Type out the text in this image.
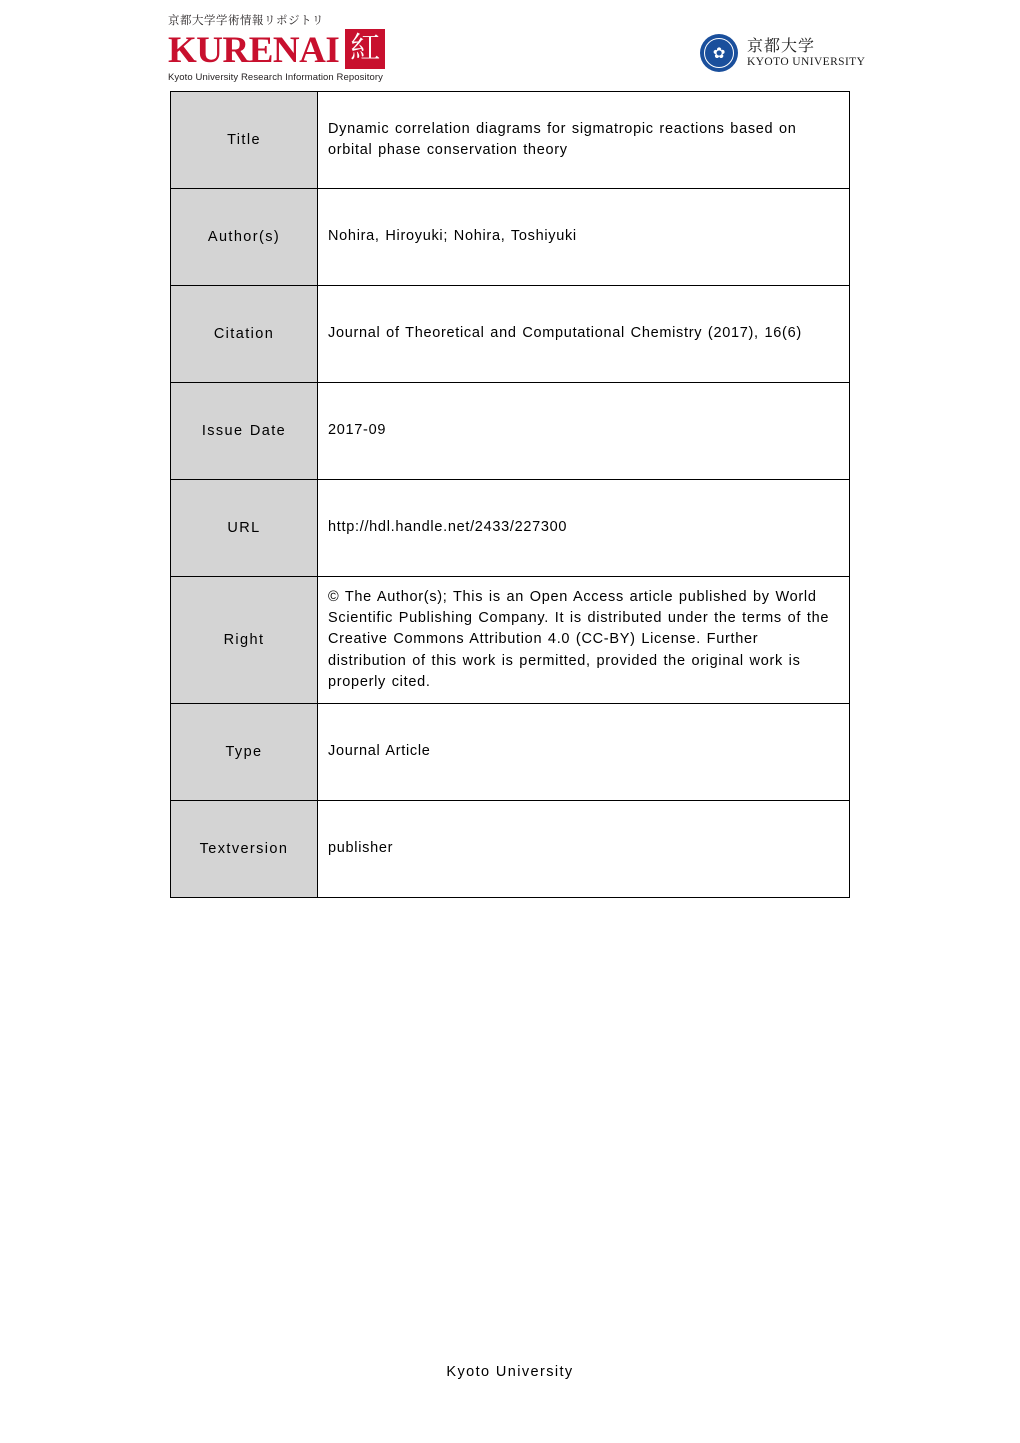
京都大学学術情報リポジトリ
KURENAI 紅
Kyoto University Research Information Repository
✿ 京都大学
KYOTO UNIVERSITY
Title	Dynamic correlation diagrams for sigmatropic reactions based on orbital phase conservation theory
Author(s)	Nohira, Hiroyuki; Nohira, Toshiyuki
Citation	Journal of Theoretical and Computational Chemistry (2017), 16(6)
Issue Date	2017-09
URL	http://hdl.handle.net/2433/227300
Right	© The Author(s); This is an Open Access article published by World Scientific Publishing Company. It is distributed under the terms of the Creative Commons Attribution 4.0 (CC-BY) License. Further distribution of this work is permitted, provided the original work is properly cited.
Type	Journal Article
Textversion	publisher
Kyoto University
